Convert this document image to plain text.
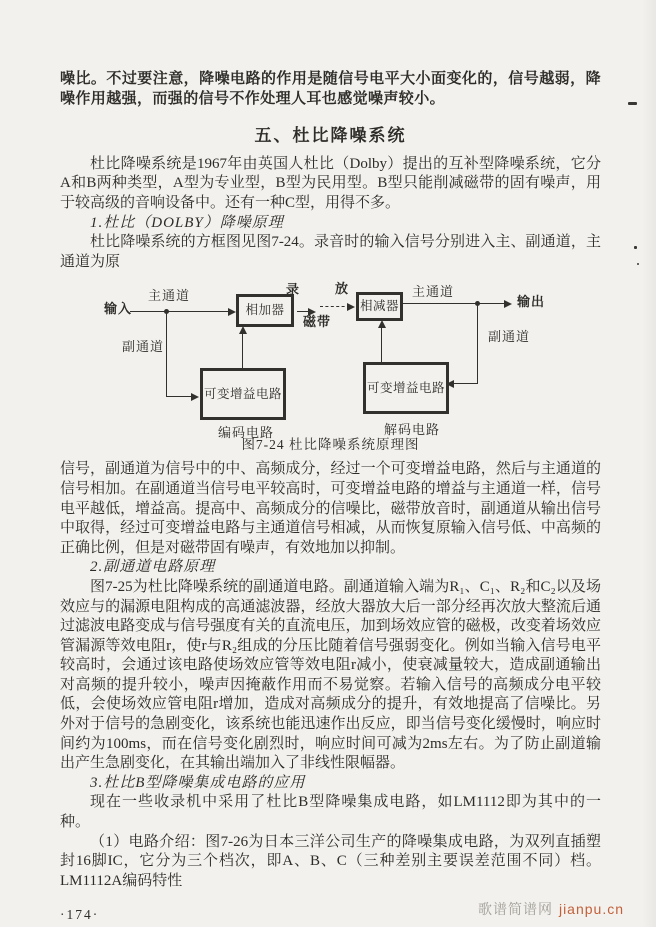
噪比。不过要注意，降噪电路的作用是随信号电平大小面变化的，信号越弱，降噪作用越强，而强的信号不作处理人耳也感觉噪声较小。

五、杜比降噪系统

杜比降噪系统是1967年由英国人杜比（Dolby）提出的互补型降噪系统，它分A和B两种类型，A型为专业型，B型为民用型。B型只能削减磁带的固有噪声，用于较高级的音响设备中。还有一种C型，用得不多。

1.杜比（DOLBY）降噪原理

杜比降噪系统的方框图见图7-24。录音时的输入信号分别进入主、副通道，主通道为原

输入
主通道
副通道
相加器
录
磁带
放
相减器
主通道
输出
副通道
可变增益电路
可变增益电路
编码电路	解码电路
图7-24 杜比降噪系统原理图

信号，副通道为信号中的中、高频成分，经过一个可变增益电路，然后与主通道的信号相加。在副通道当信号电平较高时，可变增益电路的增益与主通道一样，信号电平越低，增益高。提高中、高频成分的信噪比，磁带放音时，副通道从输出信号中取得，经过可变增益电路与主通道信号相减，从而恢复原输入信号低、中高频的正确比例，但是对磁带固有噪声，有效地加以抑制。

2.副通道电路原理

图7-25为杜比降噪系统的副通道电路。副通道输入端为R₁、C₁、R₂和C₂以及场效应与的漏源电阻构成的高通滤波器，经放大器放大后一部分经再次放大整流后通过滤波电路变成与信号强度有关的直流电压，加到场效应管的磁极，改变着场效应管漏源等效电阻r，使r与R₂组成的分压比随着信号强弱变化。例如当输入信号电平较高时，会通过该电路使场效应管等效电阻r减小，使衰减量较大，造成副通输出对高频的提升较小，噪声因掩蔽作用而不易觉察。若输入信号的高频成分电平较低，会使场效应管电阻r增加，造成对高频成分的提升，有效地提高了信噪比。另外对于信号的急剧变化，该系统也能迅速作出反应，即当信号变化缓慢时，响应时间约为100ms，而在信号变化剧烈时，响应时间可减为2ms左右。为了防止副道输出产生急剧变化，在其输出端加入了非线性限幅器。

3.杜比B型降噪集成电路的应用

现在一些收录机中采用了杜比B型降噪集成电路，如LM1112即为其中的一种。

（1）电路介绍：图7-26为日本三洋公司生产的降噪集成电路，为双列直插塑封16脚IC，它分为三个档次，即A、B、C（三种差别主要误差范围不同）档。LM1112A编码特性

·174·	歌谱简谱网 jianpu.cn
